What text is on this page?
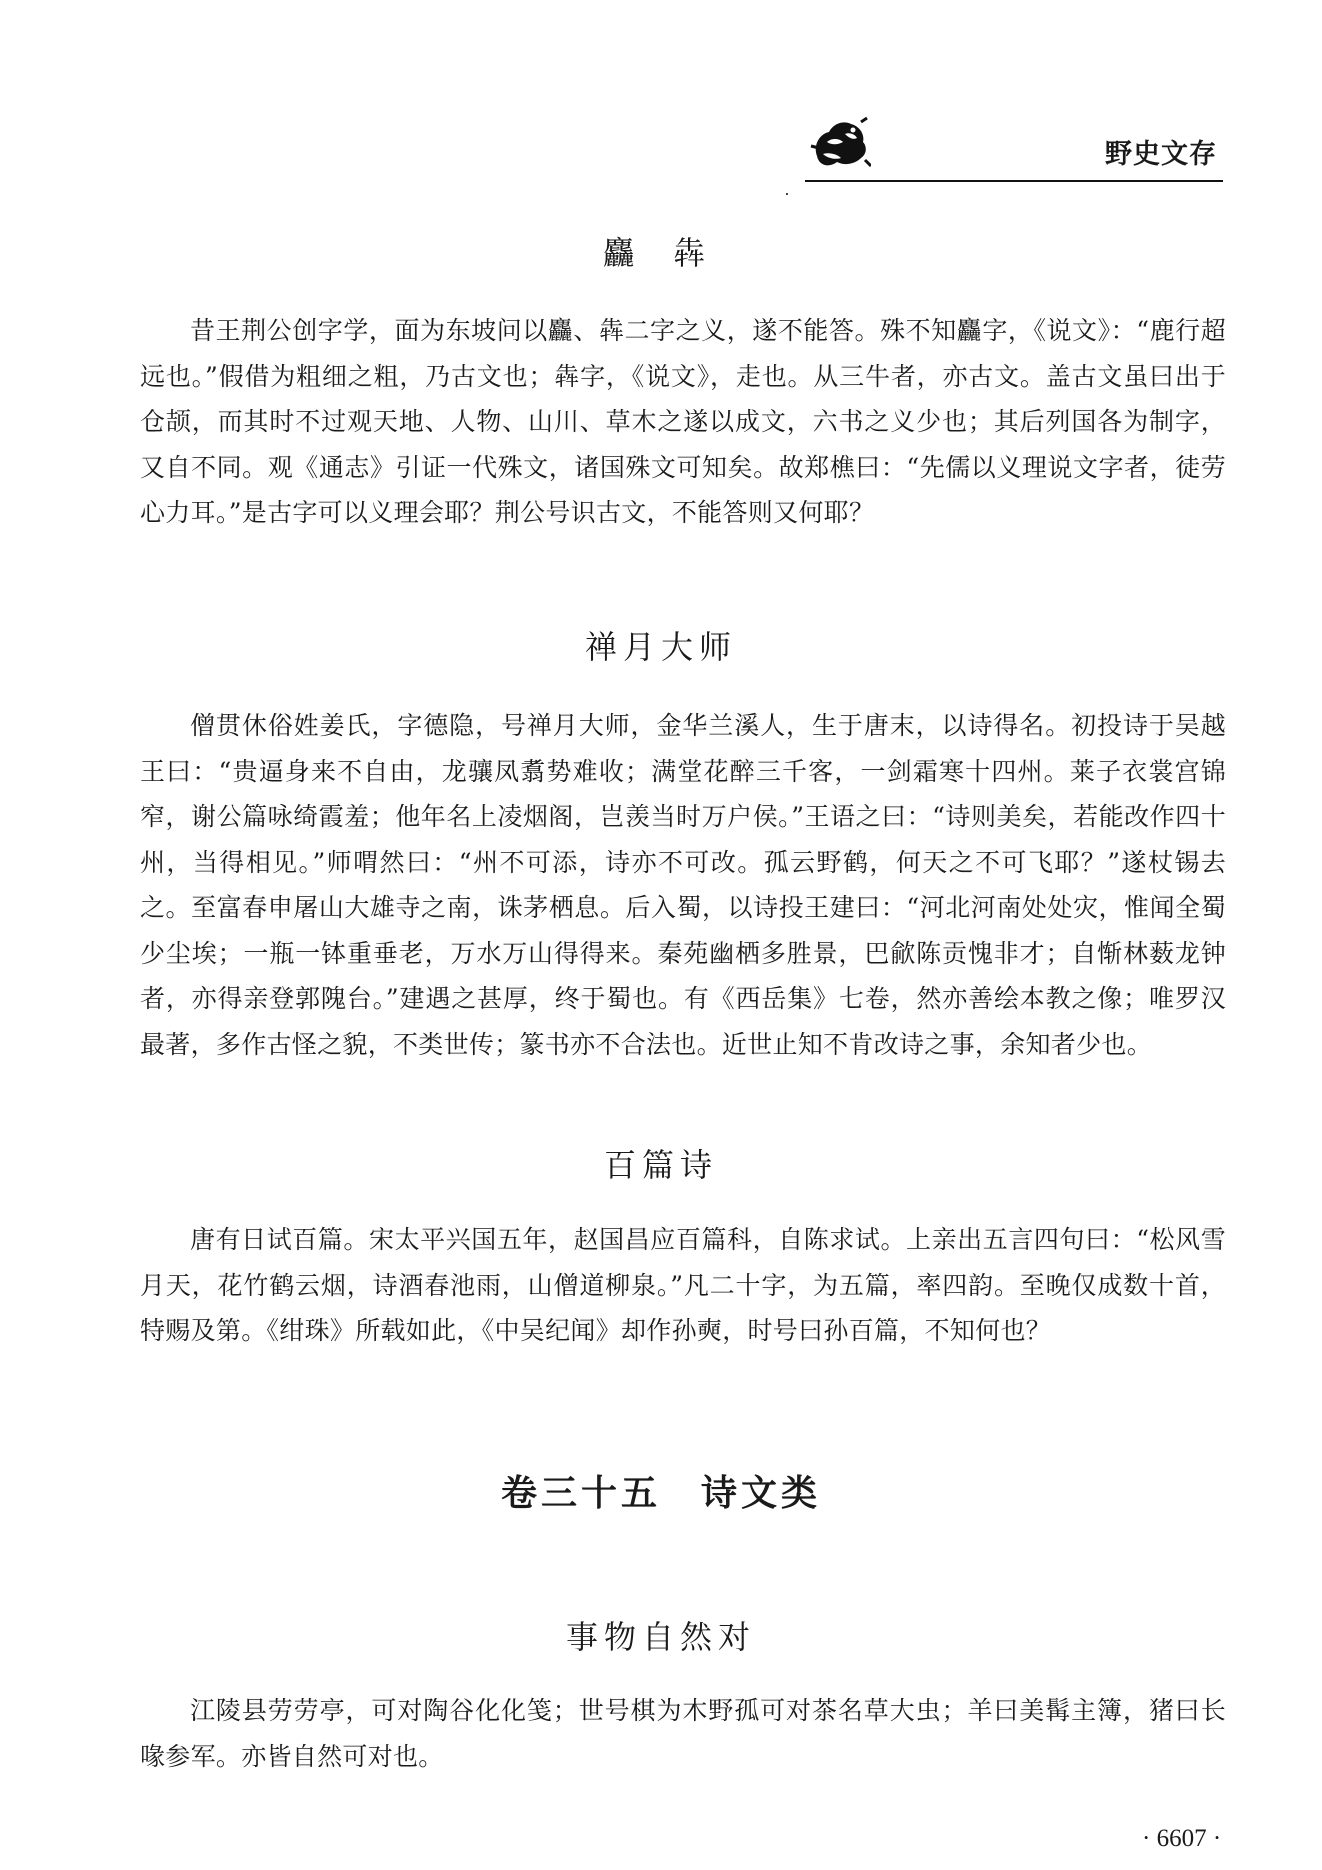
野史文存
麤 犇

昔王荆公创字学，面为东坡问以麤、犇二字之义，遂不能答。殊不知麤字，《说文》：“鹿行超远也。”假借为粗细之粗，乃古文也；犇字，《说文》，走也。从三牛者，亦古文。盖古文虽曰出于仓颉，而其时不过观天地、人物、山川、草木之遂以成文，六书之义少也；其后列国各为制字，又自不同。观《通志》引证一代殊文，诸国殊文可知矣。故郑樵曰：“先儒以义理说文字者，徒劳心力耳。”是古字可以义理会耶？荆公号识古文，不能答则又何耶？

禅月大师

僧贯休俗姓姜氏，字德隐，号禅月大师，金华兰溪人，生于唐末，以诗得名。初投诗于吴越王曰：“贵逼身来不自由，龙骧凤翥势难收；满堂花醉三千客，一剑霜寒十四州。莱子衣裳宫锦窄，谢公篇咏绮霞羞；他年名上凌烟阁，岂羡当时万户侯。”王语之曰：“诗则美矣，若能改作四十州，当得相见。”师喟然曰：“州不可添，诗亦不可改。孤云野鹤，何天之不可飞耶？”遂杖锡去之。至富春申屠山大雄寺之南，诛茅栖息。后入蜀，以诗投王建曰：“河北河南处处灾，惟闻全蜀少尘埃；一瓶一钵重垂老，万水万山得得来。秦苑幽栖多胜景，巴歈陈贡愧非才；自惭林薮龙钟者，亦得亲登郭隗台。”建遇之甚厚，终于蜀也。有《西岳集》七卷，然亦善绘本教之像；唯罗汉最著，多作古怪之貌，不类世传；篆书亦不合法也。近世止知不肯改诗之事，余知者少也。

百篇诗

唐有日试百篇。宋太平兴国五年，赵国昌应百篇科，自陈求试。上亲出五言四句曰：“松风雪月天，花竹鹤云烟，诗酒春池雨，山僧道柳泉。”凡二十字，为五篇，率四韵。至晚仅成数十首，特赐及第。《绀珠》所载如此，《中吴纪闻》却作孙奭，时号曰孙百篇，不知何也？

卷三十五　诗文类
事物自然对

江陵县劳劳亭，可对陶谷化化笺；世号棋为木野孤可对茶名草大虫；羊曰美髯主簿，猪曰长喙参军。亦皆自然可对也。

· 6607 ·
